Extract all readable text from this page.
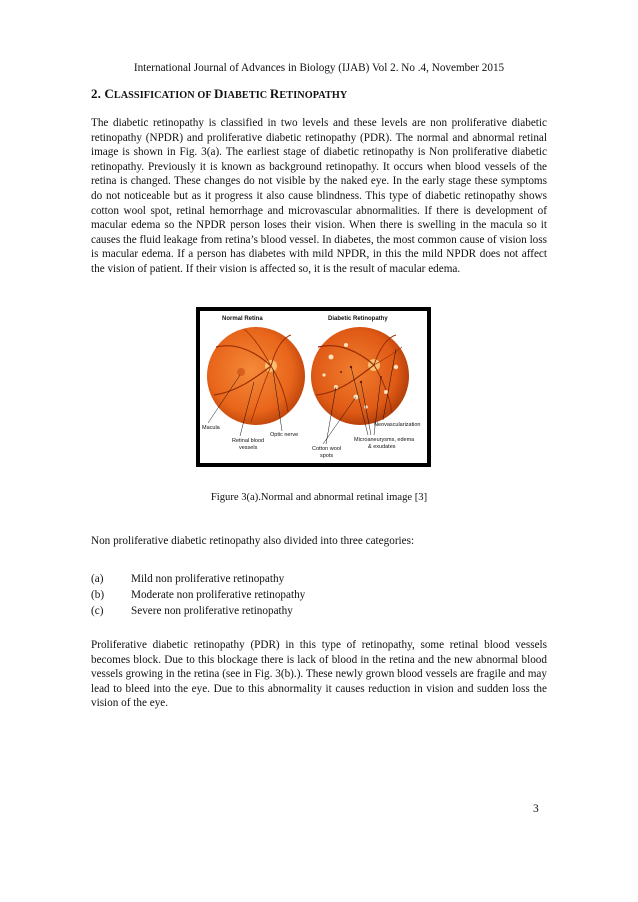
International Journal of Advances in Biology (IJAB) Vol 2. No .4, November 2015
2. CLASSIFICATION OF DIABETIC RETINOPATHY

The diabetic retinopathy is classified in two levels and these levels are non proliferative diabetic retinopathy (NPDR) and proliferative diabetic retinopathy (PDR). The normal and abnormal retinal image is shown in Fig. 3(a). The earliest stage of diabetic retinopathy is Non proliferative diabetic retinopathy. Previously it is known as background retinopathy. It occurs when blood vessels of the retina is changed. These changes do not visible by the naked eye. In the early stage these symptoms do not noticeable but as it progress it also cause blindness. This type of diabetic retinopathy shows cotton wool spot, retinal hemorrhage and microvascular abnormalities. If there is development of macular edema so the NPDR person loses their vision. When there is swelling in the macula so it causes the fluid leakage from retina’s blood vessel. In diabetes, the most common cause of vision loss is macular edema. If a person has diabetes with mild NPDR, in this the mild NPDR does not affect the vision of patient. If their vision is affected so, it is the result of macular edema.

Normal Retina	Diabetic Retinopathy
Macula
Retinal blood
vessels
Optic nerve
Cotton wool
spots
Microaneurysms, edema
& exudates
Neovascularization
Figure 3(a).Normal and abnormal retinal image [3]
Non proliferative diabetic retinopathy also divided into three categories:
(a) Mild non proliferative retinopathy
(b) Moderate non proliferative retinopathy
(c) Severe non proliferative retinopathy

Proliferative diabetic retinopathy (PDR) in this type of retinopathy, some retinal blood vessels becomes block. Due to this blockage there is lack of blood in the retina and the new abnormal blood vessels growing in the retina (see in Fig. 3(b).). These newly grown blood vessels are fragile and may lead to bleed into the eye. Due to this abnormality it causes reduction in vision and sudden loss the vision of the eye.

3
